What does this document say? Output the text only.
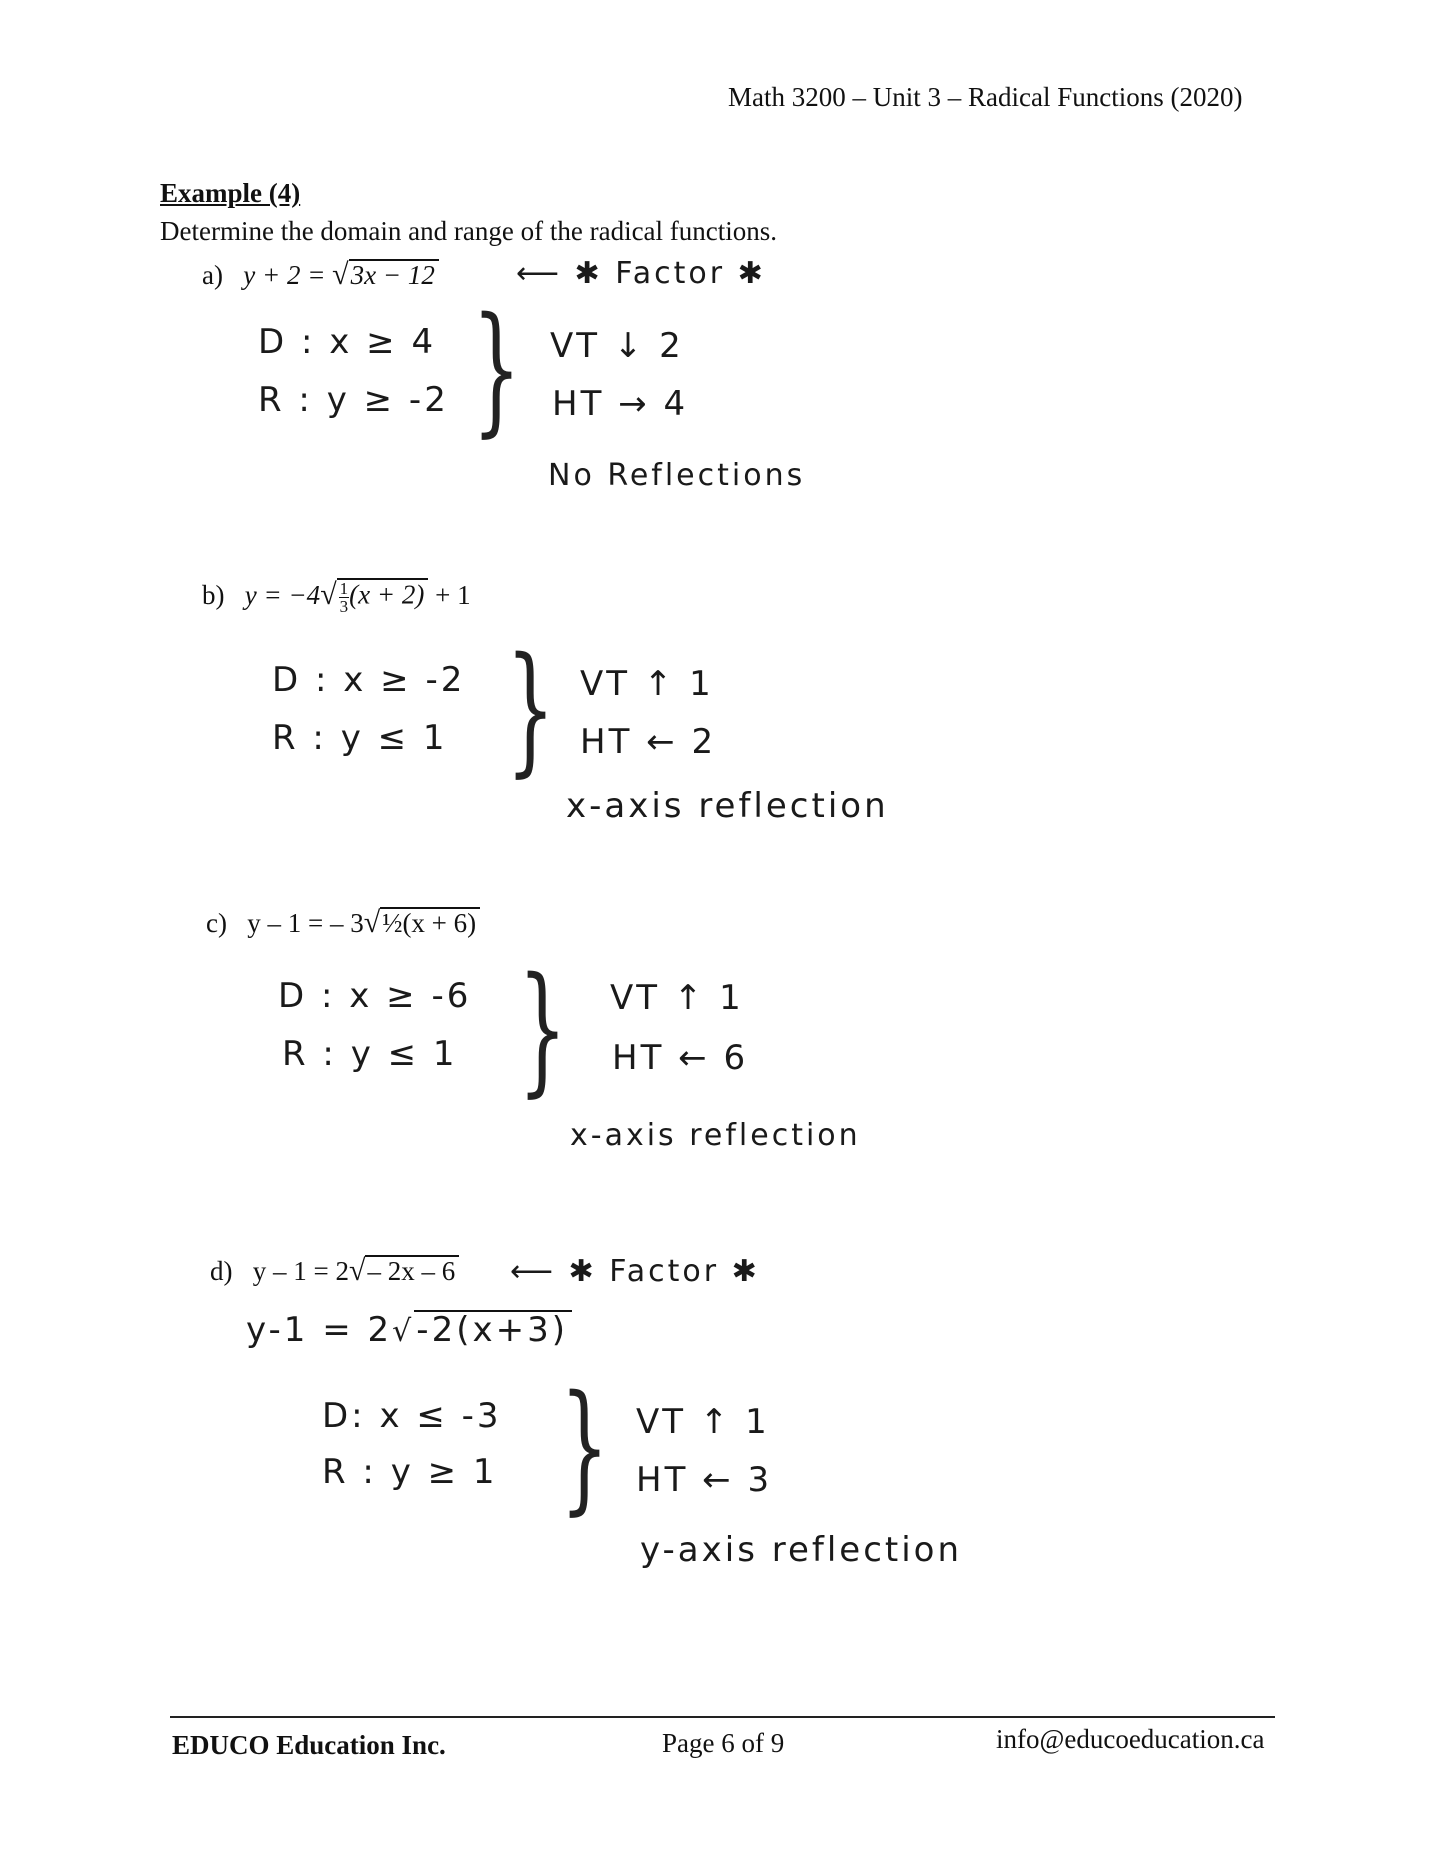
Math 3200 – Unit 3 – Radical Functions (2020)
Example (4)
Determine the domain and range of the radical functions.
a) y + 2 = √3x − 12	⟵ ✱ Factor ✱
D : x ≥ 4
R : y ≥ -2 } VT ↓ 2
HT → 4
No Reflections
b) $y = -4√ \frac{1}{3} (x + 2) + 1$
D : x ≥ -2
R : y ≤ 1 } VT ↑ 1
HT ← 2
x-axis reflection
c) y – 1 = – 3√½(x + 6)
D : x ≥ -6
R : y ≤ 1 } VT ↑ 1
HT ← 6
x-axis reflection
d) y – 1 = 2√– 2x – 6 ⟵ ✱ Factor ✱
y-1 = 2√-2(x+3)
D: x ≤ -3
R : y ≥ 1 } VT ↑ 1
HT ← 3
y-axis reflection
EDUCO Education Inc.	Page 6 of 9	info@educoeducation.ca
